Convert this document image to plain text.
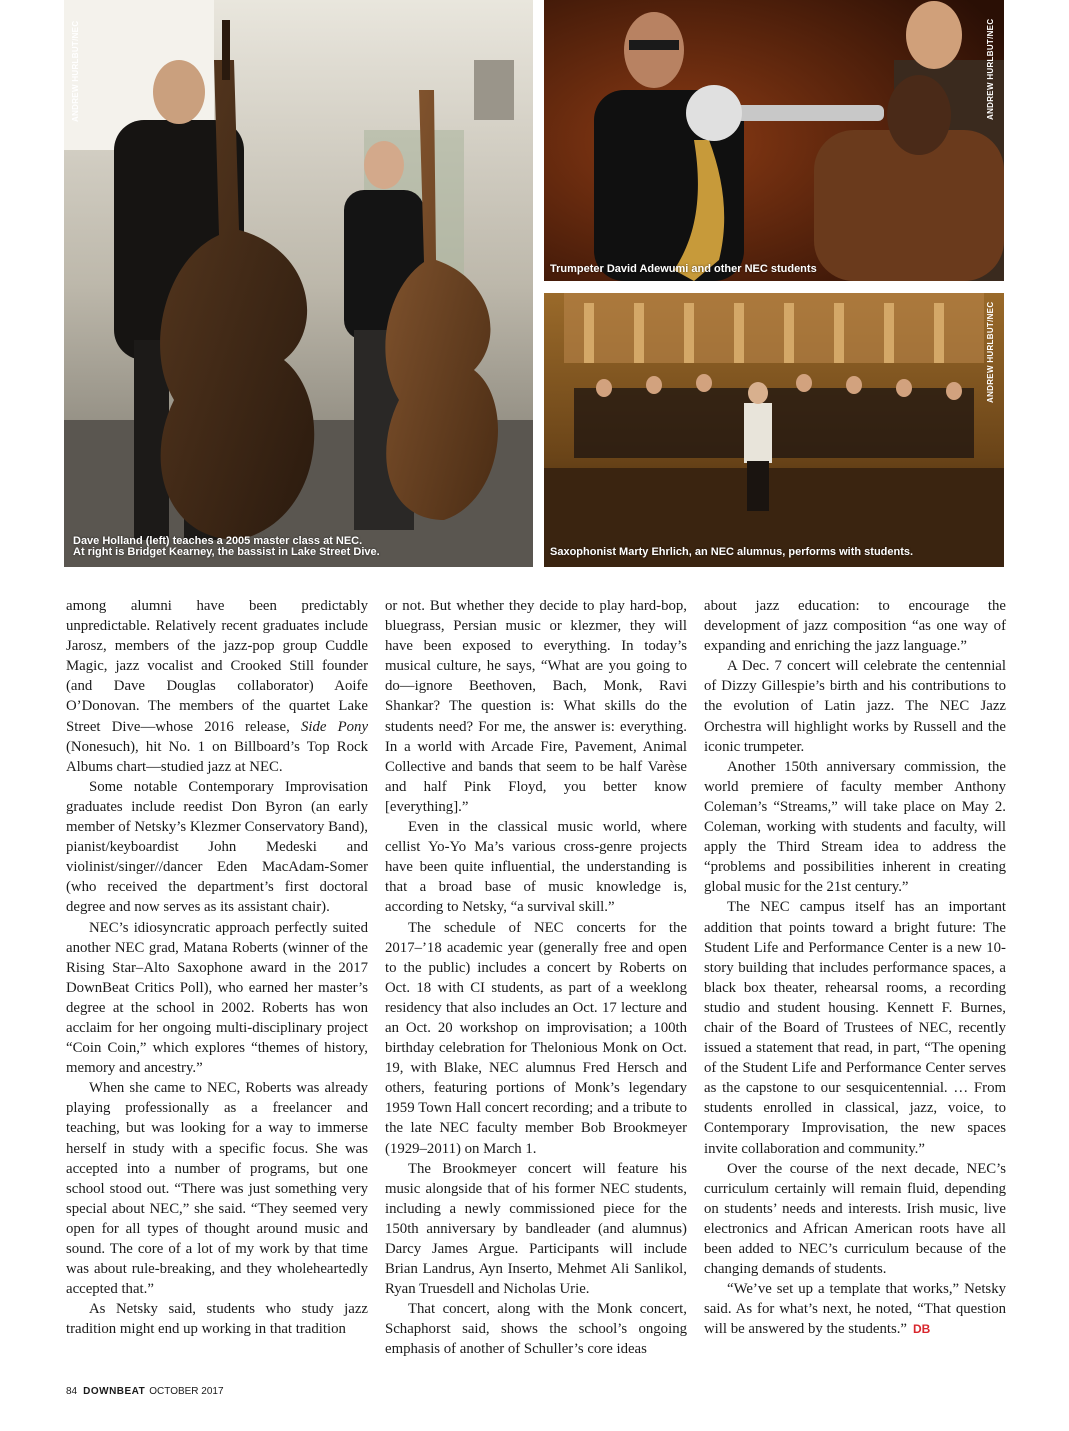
ANDREW HURLBUT/NEC
Dave Holland (left) teaches a 2005 master class at NEC.
At right is Bridget Kearney, the bassist in Lake Street Dive.
ANDREW HURLBUT/NEC
Trumpeter David Adewumi and other NEC students
ANDREW HURLBUT/NEC
Saxophonist Marty Ehrlich, an NEC alumnus, performs with students.

among alumni have been predictably unpredictable. Relatively recent graduates include Jarosz, members of the jazz-pop group Cuddle Magic, jazz vocalist and Crooked Still founder (and Dave Douglas collaborator) Aoife O’Donovan. The members of the quartet Lake Street Dive—whose 2016 release, Side Pony (Nonesuch), hit No. 1 on Billboard’s Top Rock Albums chart—studied jazz at NEC.

Some notable Contemporary Improvisation graduates include reedist Don Byron (an early member of Netsky’s Klezmer Conservatory Band), pianist/keyboardist John Medeski and violinist/singer//dancer Eden MacAdam-Somer (who received the department’s first doctoral degree and now serves as its assistant chair).

NEC’s idiosyncratic approach perfectly suited another NEC grad, Matana Roberts (winner of the Rising Star–Alto Saxophone award in the 2017 DownBeat Critics Poll), who earned her master’s degree at the school in 2002. Roberts has won acclaim for her ongoing multi-disciplinary project “Coin Coin,” which explores “themes of history, memory and ancestry.”

When she came to NEC, Roberts was already playing professionally as a freelancer and teaching, but was looking for a way to immerse herself in study with a specific focus. She was accepted into a number of programs, but one school stood out. “There was just something very special about NEC,” she said. “They seemed very open for all types of thought around music and sound. The core of a lot of my work by that time was about rule-breaking, and they wholeheartedly accepted that.”

As Netsky said, students who study jazz tradition might end up working in that tradition

or not. But whether they decide to play hard-bop, bluegrass, Persian music or klezmer, they will have been exposed to everything. In today’s musical culture, he says, “What are you going to do—ignore Beethoven, Bach, Monk, Ravi Shankar? The question is: What skills do the students need? For me, the answer is: everything. In a world with Arcade Fire, Pavement, Animal Collective and bands that seem to be half Varèse and half Pink Floyd, you better know [everything].”

Even in the classical music world, where cellist Yo-Yo Ma’s various cross-genre projects have been quite influential, the understanding is that a broad base of music knowledge is, according to Netsky, “a survival skill.”

The schedule of NEC concerts for the 2017–’18 academic year (generally free and open to the public) includes a concert by Roberts on Oct. 18 with CI students, as part of a weeklong residency that also includes an Oct. 17 lecture and an Oct. 20 workshop on improvisation; a 100th birthday celebration for Thelonious Monk on Oct. 19, with Blake, NEC alumnus Fred Hersch and others, featuring portions of Monk’s legendary 1959 Town Hall concert recording; and a tribute to the late NEC faculty member Bob Brookmeyer (1929–2011) on March 1.

The Brookmeyer concert will feature his music alongside that of his former NEC students, including a newly commissioned piece for the 150th anniversary by bandleader (and alumnus) Darcy James Argue. Participants will include Brian Landrus, Ayn Inserto, Mehmet Ali Sanlikol, Ryan Truesdell and Nicholas Urie.

That concert, along with the Monk concert, Schaphorst said, shows the school’s ongoing emphasis of another of Schuller’s core ideas

about jazz education: to encourage the development of jazz composition “as one way of expanding and enriching the jazz language.”

A Dec. 7 concert will celebrate the centennial of Dizzy Gillespie’s birth and his contributions to the evolution of Latin jazz. The NEC Jazz Orchestra will highlight works by Russell and the iconic trumpeter.

Another 150th anniversary commission, the world premiere of faculty member Anthony Coleman’s “Streams,” will take place on May 2. Coleman, working with students and faculty, will apply the Third Stream idea to address the “problems and possibilities inherent in creating global music for the 21st century.”

The NEC campus itself has an important addition that points toward a bright future: The Student Life and Performance Center is a new 10-story building that includes performance spaces, a black box theater, rehearsal rooms, a recording studio and student housing. Kennett F. Burnes, chair of the Board of Trustees of NEC, recently issued a statement that read, in part, “The opening of the Student Life and Performance Center serves as the capstone to our sesquicentennial. … From students enrolled in classical, jazz, voice, to Contemporary Improvisation, the new spaces invite collaboration and community.”

Over the course of the next decade, NEC’s curriculum certainly will remain fluid, depending on students’ needs and interests. Irish music, live electronics and African American roots have all been added to NEC’s curriculum because of the changing demands of students.

“We’ve set up a template that works,” Netsky said. As for what’s next, he noted, “That question will be answered by the students.” DB

84 DOWNBEAT OCTOBER 2017
